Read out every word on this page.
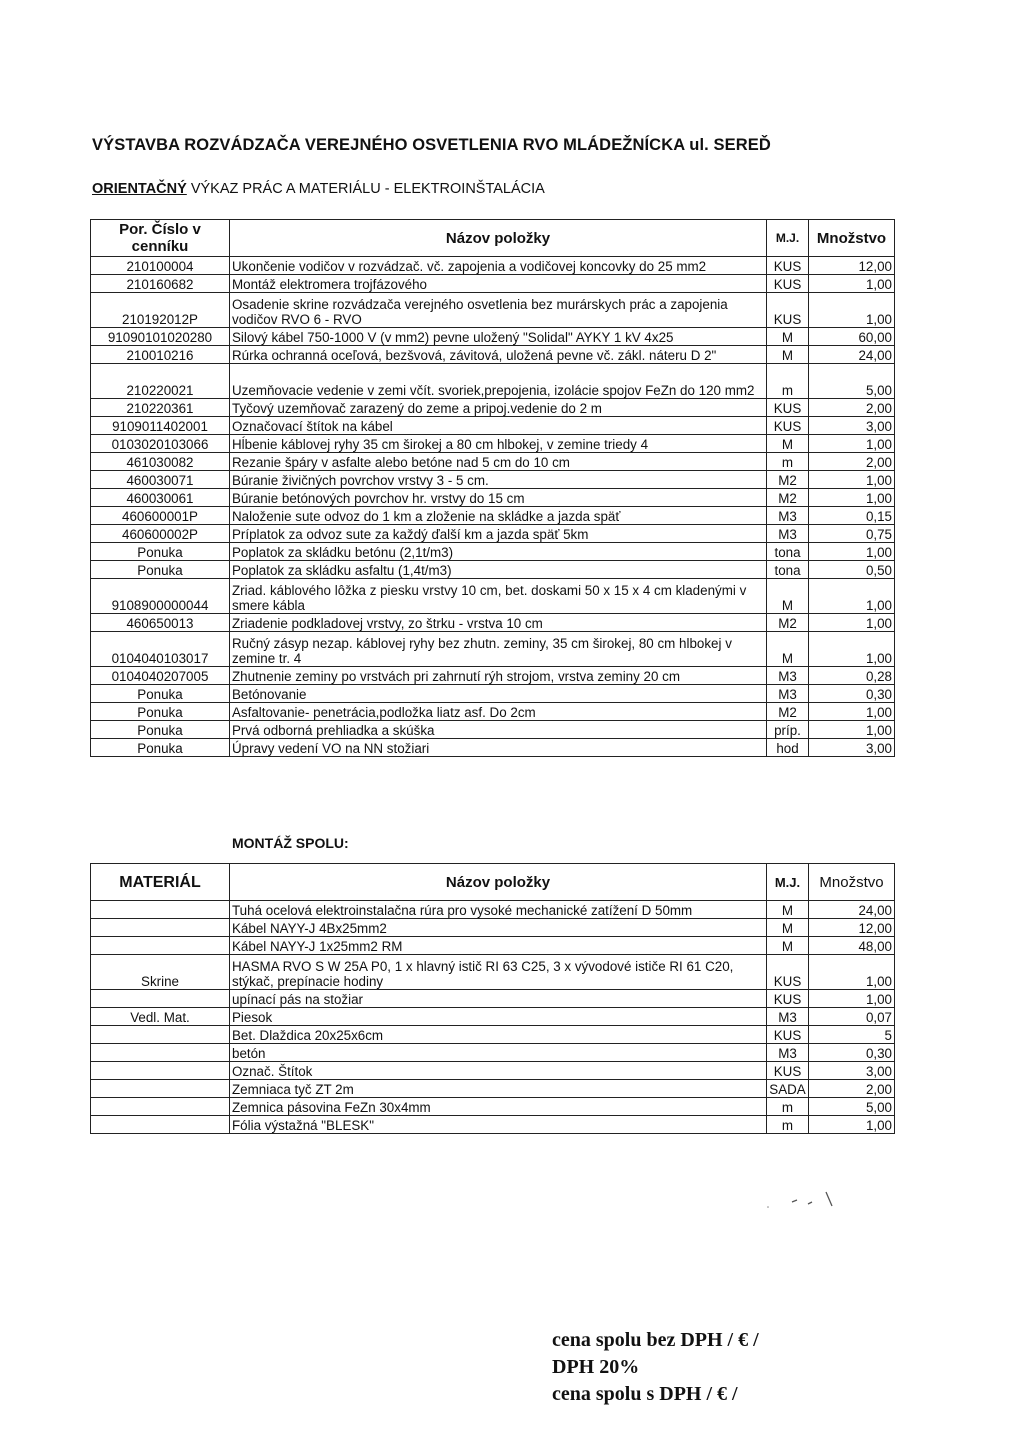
VÝSTAVBA ROZVÁDZAČA VEREJNÉHO OSVETLENIA RVO MLÁDEŽNÍCKA ul. SEREĎ
ORIENTAČNÝ VÝKAZ PRÁC A MATERIÁLU - ELEKTROINŠTALÁCIA
Por. Číslo v cenníku	Názov položky	M.J.	Množstvo
210100004	Ukončenie vodičov v rozvádzač. vč. zapojenia a vodičovej koncovky do 25 mm2	KUS	12,00
210160682	Montáž elektromera trojfázového	KUS	1,00
210192012P	Osadenie skrine rozvádzača verejného osvetlenia bez murárskych prác a zapojenia vodičov RVO 6 - RVO	KUS	1,00
91090101020280	Silový kábel 750-1000 V (v mm2) pevne uložený "Solidal" AYKY 1 kV 4x25	M	60,00
210010216	Rúrka ochranná oceľová, bezšvová, závitová, uložená pevne vč. zákl. náteru D 2"	M	24,00
210220021	Uzemňovacie vedenie v zemi včít. svoriek,prepojenia, izolácie spojov FeZn do 120 mm2	m	5,00
210220361	Tyčový uzemňovač zarazený do zeme a pripoj.vedenie do 2 m	KUS	2,00
9109011402001	Označovací štítok na kábel	KUS	3,00
0103020103066	Hĺbenie káblovej ryhy 35 cm širokej a 80 cm hlbokej, v zemine triedy 4	M	1,00
461030082	Rezanie špáry v asfalte alebo betóne nad 5 cm do 10 cm	m	2,00
460030071	Búranie živičných povrchov vrstvy 3 - 5 cm.	M2	1,00
460030061	Búranie betónových povrchov hr. vrstvy do 15 cm	M2	1,00
460600001P	Naloženie sute odvoz do 1 km a zloženie na skládke a jazda späť	M3	0,15
460600002P	Príplatok za odvoz sute za každý ďalší km a jazda späť 5km	M3	0,75
Ponuka	Poplatok za skládku betónu (2,1t/m3)	tona	1,00
Ponuka	Poplatok za skládku asfaltu (1,4t/m3)	tona	0,50
9108900000044	Zriad. káblového lôžka z piesku vrstvy 10 cm, bet. doskami 50 x 15 x 4 cm kladenými v smere kábla	M	1,00
460650013	Zriadenie podkladovej vrstvy, zo štrku - vrstva 10 cm	M2	1,00
0104040103017	Ručný zásyp nezap. káblovej ryhy bez zhutn. zeminy, 35 cm širokej, 80 cm hlbokej v zemine tr. 4	M	1,00
0104040207005	Zhutnenie zeminy po vrstvách pri zahrnutí rýh strojom, vrstva zeminy 20 cm	M3	0,28
Ponuka	Betónovanie	M3	0,30
Ponuka	Asfaltovanie- penetrácia,podložka liatz asf. Do 2cm	M2	1,00
Ponuka	Prvá odborná prehliadka a skúška	príp.	1,00
Ponuka	Úpravy vedení VO na NN stožiari	hod	3,00
MONTÁŽ SPOLU:
MATERIÁL	Názov položky	M.J.	Množstvo
	Tuhá ocelová elektroinstalačna rúra pro vysoké mechanické zatížení D 50mm	M	24,00
	Kábel NAYY-J 4Bx25mm2	M	12,00
	Kábel NAYY-J 1x25mm2 RM	M	48,00
Skrine	HASMA RVO S W 25A P0, 1 x hlavný istič RI 63 C25, 3 x vývodové ističe RI 61 C20, stýkač, prepínacie hodiny	KUS	1,00
	upínací pás na stožiar	KUS	1,00
Vedl. Mat.	Piesok	M3	0,07
	Bet. Dlaždica 20x25x6cm	KUS	5
	betón	M3	0,30
	Označ. Štítok	KUS	3,00
	Zemniaca tyč ZT 2m	SADA	2,00
	Zemnica pásovina FeZn 30x4mm	m	5,00
	Fólia výstažná "BLESK"	m	1,00
cena spolu bez DPH / € /
DPH 20%
cena spolu s DPH / € /
